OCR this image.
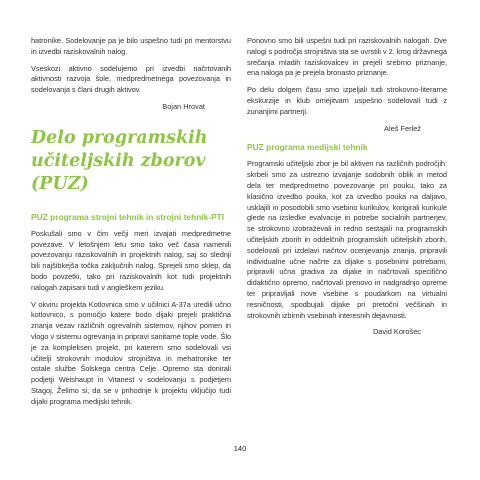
hatronike. Sodelovanje pa je bilo uspešno tudi pri mentorstvu in izvedbi raziskovalnih nalog.

Vseskozi aktivno sodelujemo pri izvedbi načrtovanih aktivnosti razvoja šole, medpredmetnega povezovanja in sodelovanja s člani drugih aktivov.

Bojan Hrovat

Delo programskih učiteljskih zborov (PUZ)
PUZ programa strojni tehnik in strojni tehnik-PTI

Poskušali smo v čim večji meri izvajati medpredmetne povezave. V letošnjem letu smo tako več časa namenili povezovanju raziskovalnih in projektnih nalog, saj so slednji bili najšibkejša točka zaključnih nalog. Sprejeli smo sklep, da bodo povzetki, tako pri raziskovalnih kot tudi projektnih nalogah zapisani tudi v angleškem jeziku.

V okviru projekta Kotlovnica smo v učilnici A-37a uredili učno kotlovnico, s pomočjo katere bodo dijaki prejeli praktična znanja vezav različnih ogrevalnih sistemov, njihov pomen in vlogo v sistemu ogrevanja in pripravi sanitarne tople vode. Šlo je za kompleksen projekt, pri katerem smo sodelovali vsi učitelji strokovnih modulov strojništva in mehatronike ter ostale službe Šolskega centra Celje. Opremo sta donirali podjetji Weishaupt in Vitanest v sodelovanju s podjetjem Stagoj. Želimo si, da se v prihodnje k projektu vključijo tudi dijaki programa medijski tehnik.

Ponovno smo bili uspešni tudi pri raziskovalnih nalogah. Dve nalogi s področja strojništva sta se uvrstili v 2. krog državnega srečanja mladih raziskovalcev in prejeli srebrno priznanje, ena naloga pa je prejela bronasto priznanje.

Po delu dolgem času smo izpeljali tudi strokovno-literarne ekskurzije in klub omejitvam uspešno sodelovali tudi z zunanjimi partnerji.

Aleš Ferlež

PUZ programa medijski tehnik

Programski učiteljski zbor je bil aktiven na različnih področjih: skrbeli smo za ustrezno izvajanje sodobnih oblik in metod dela ter medpredmetno povezovanje pri pouku, tako za klasično izvedbo pouka, kot za izvedbo pouka na daljavo, usklajili in posodobili smo vsebino kurikulov, korigirali kurikule glede na izsledke evalvacije in potrebe socialnih partnerjev, se strokovno izobraževali in redno sestajali na programskih učiteljskih zborih in oddelčnih programskih učiteljskih zborih, sodelovali pri izdelavi načrtov ocenjevanja znanja, pripravili individualne učne načrte za dijake s posebnimi potrebami, pripravili učna gradiva za dijake in načrtovali specifično didaktično opremo, načrtovali prenovo in nadgradnjo opreme ter pripravljali nove vsebine s poudarkom na virtualni resničnosti, spodbujali dijake pri pretočni večšinah in strokovnih izbirnih vsebinah interesnih dejavnosti.

David Korošec

140
